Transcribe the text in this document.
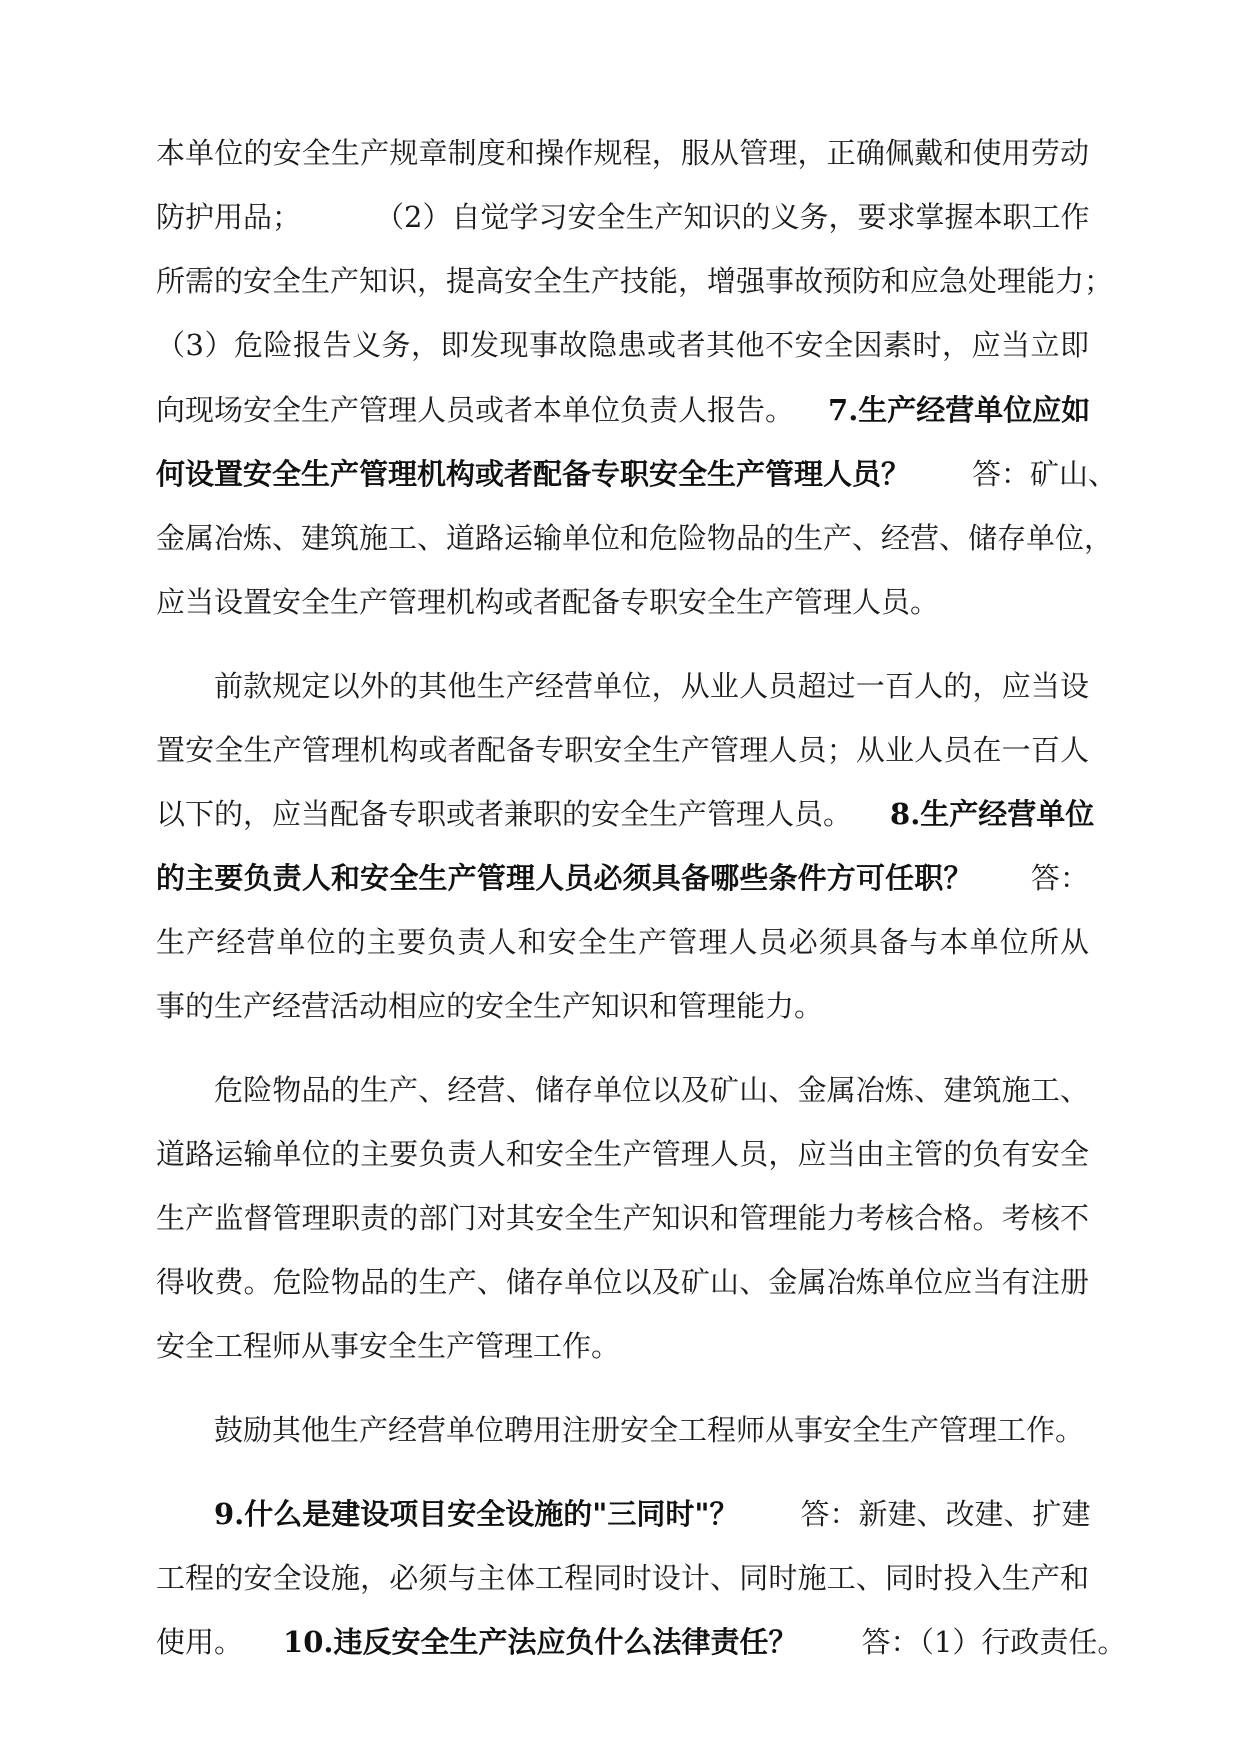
本单位的安全生产规章制度和操作规程，服从管理，正确佩戴和使用劳动
防护用品；	（2）自觉学习安全生产知识的义务，要求掌握本职工作
所需的安全生产知识，提高安全生产技能，增强事故预防和应急处理能力；
（3）危险报告义务，即发现事故隐患或者其他不安全因素时，应当立即
向现场安全生产管理人员或者本单位负责人报告。 7.生产经营单位应如
何设置安全生产管理机构或者配备专职安全生产管理人员？ 答：矿山、
金属冶炼、建筑施工、道路运输单位和危险物品的生产、经营、储存单位，
应当设置安全生产管理机构或者配备专职安全生产管理人员。
前款规定以外的其他生产经营单位，从业人员超过一百人的，应当设
置安全生产管理机构或者配备专职安全生产管理人员；从业人员在一百人
以下的，应当配备专职或者兼职的安全生产管理人员。 8.生产经营单位
的主要负责人和安全生产管理人员必须具备哪些条件方可任职？ 答：
生产经营单位的主要负责人和安全生产管理人员必须具备与本单位所从
事的生产经营活动相应的安全生产知识和管理能力。
危险物品的生产、经营、储存单位以及矿山、金属冶炼、建筑施工、
道路运输单位的主要负责人和安全生产管理人员，应当由主管的负有安全
生产监督管理职责的部门对其安全生产知识和管理能力考核合格。考核不
得收费。危险物品的生产、储存单位以及矿山、金属冶炼单位应当有注册
安全工程师从事安全生产管理工作。
鼓励其他生产经营单位聘用注册安全工程师从事安全生产管理工作。
9.什么是建设项目安全设施的"三同时"？ 答：新建、改建、扩建
工程的安全设施，必须与主体工程同时设计、同时施工、同时投入生产和
使用。 10.违反安全生产法应负什么法律责任？ 答：（1）行政责任。
